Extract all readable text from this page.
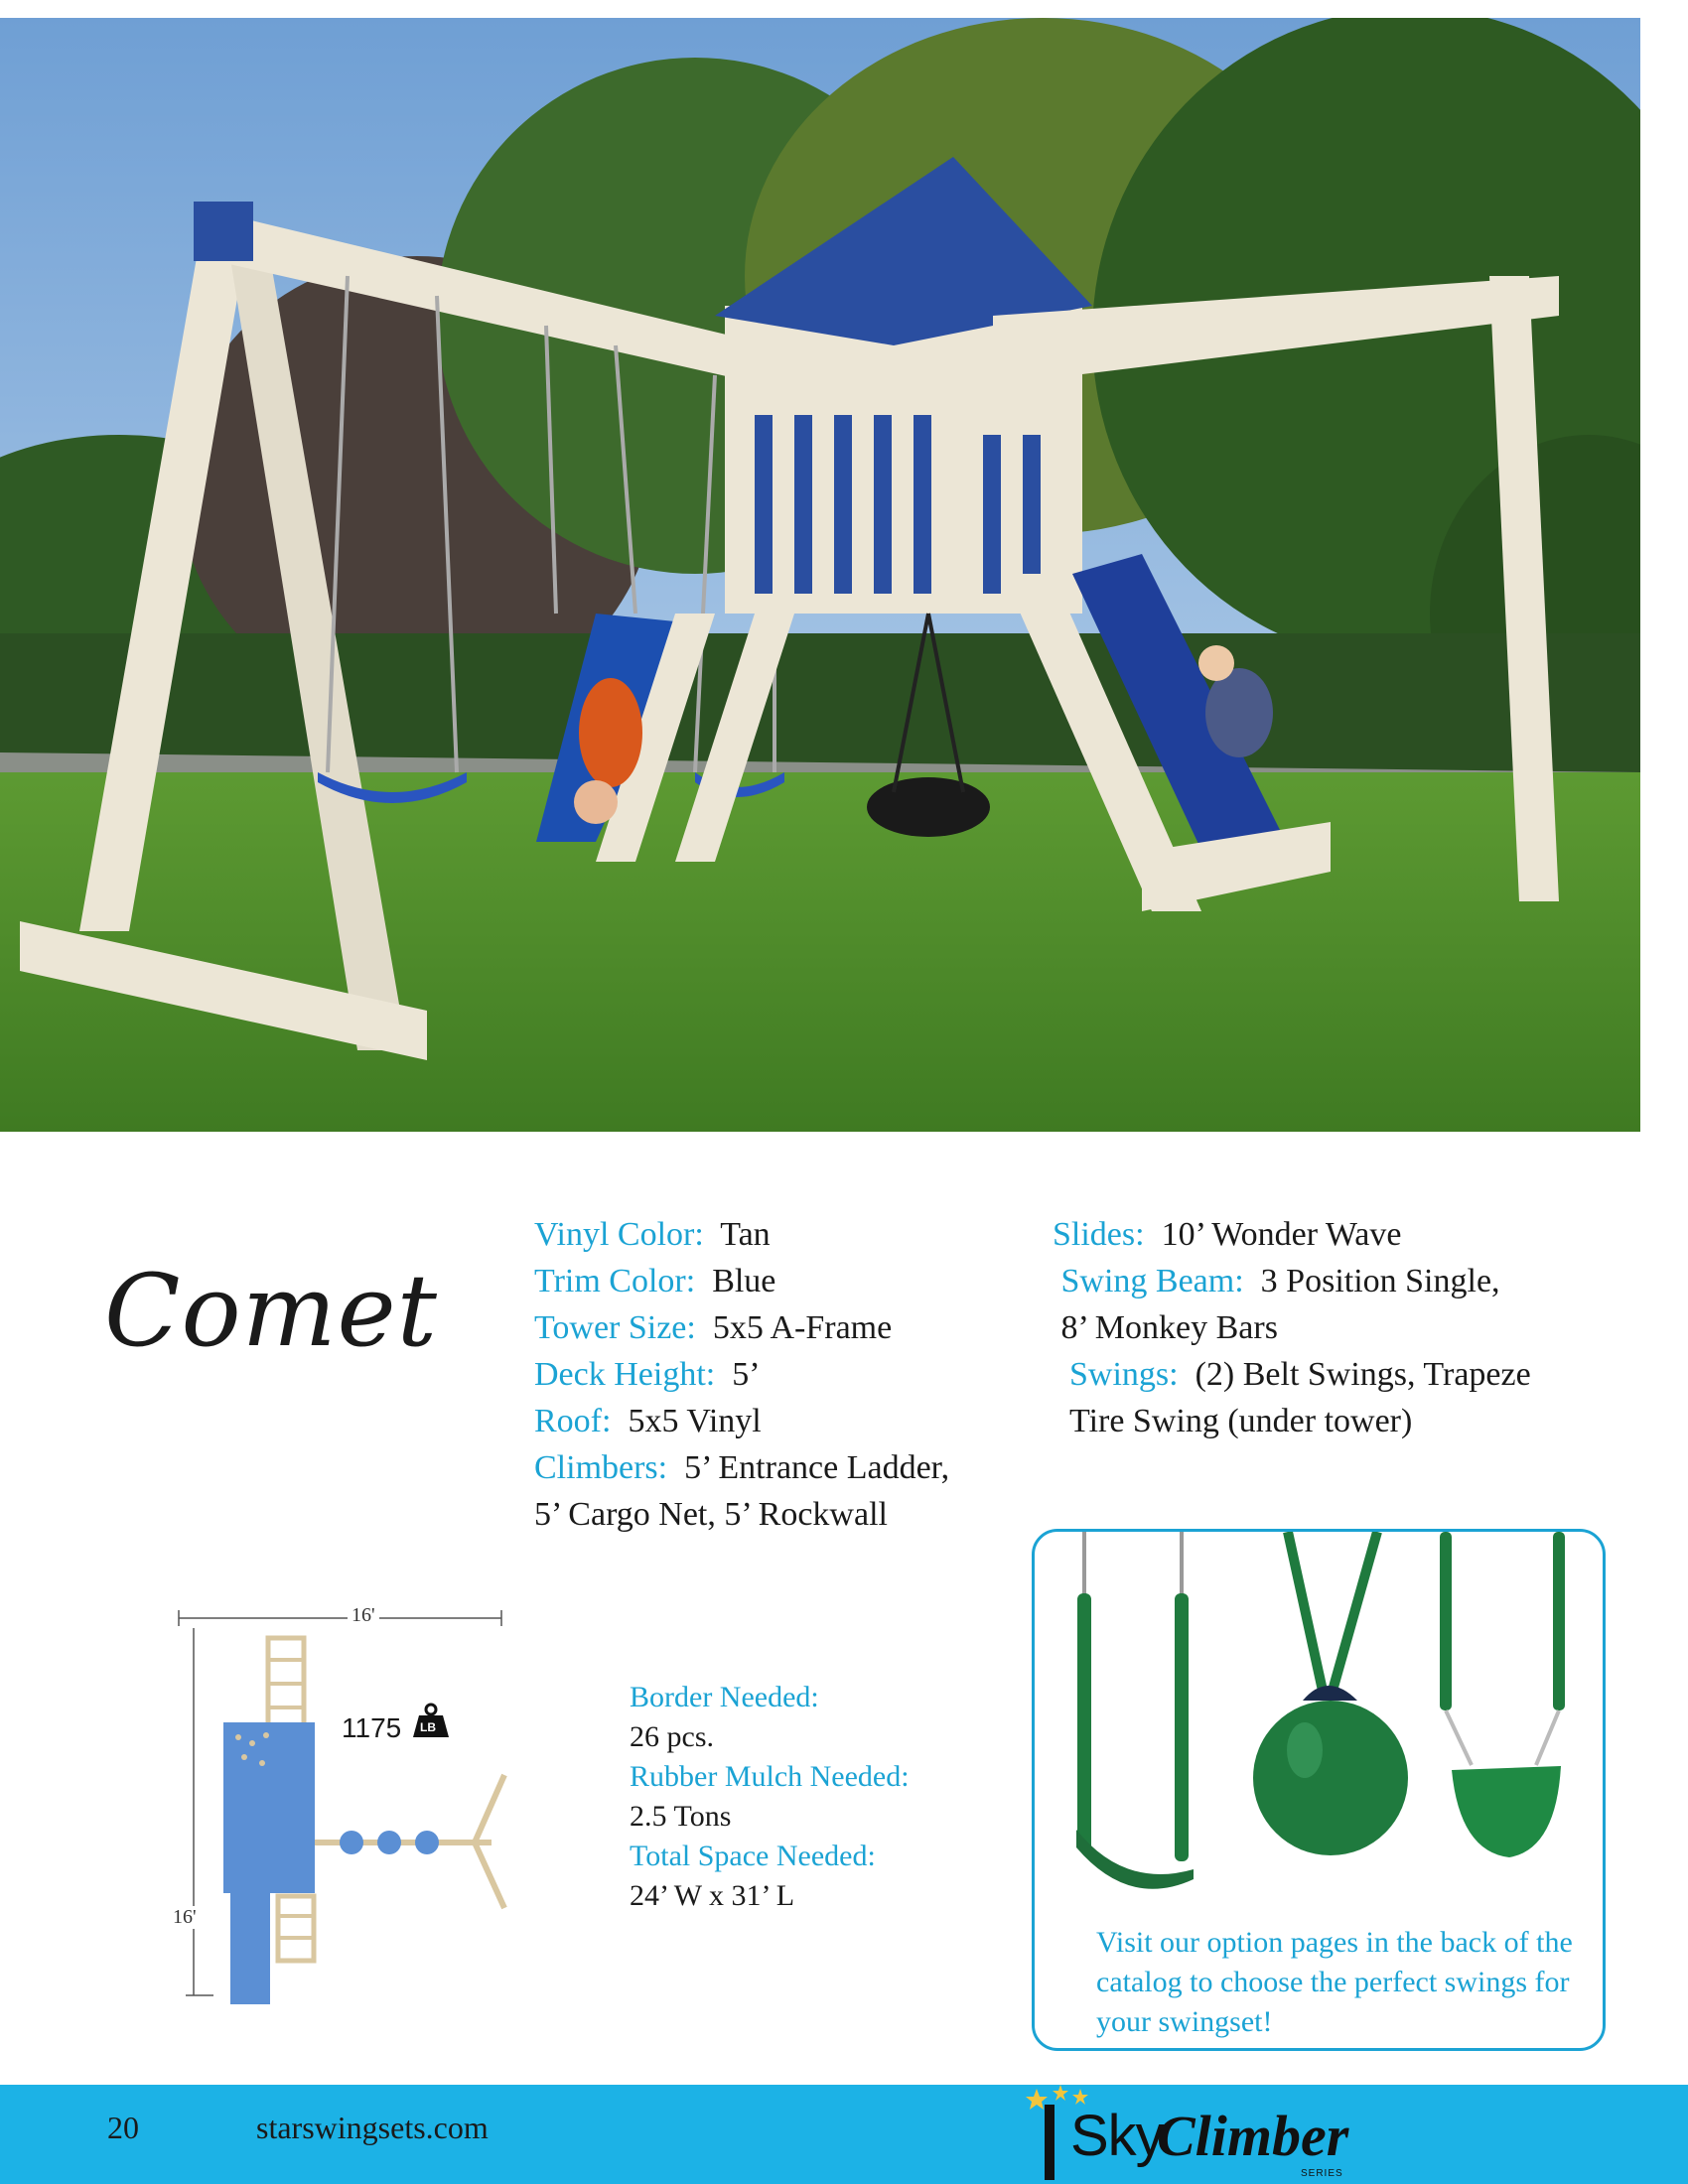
Comet
Vinyl Color: Tan
Trim Color: Blue
Tower Size: 5x5 A-Frame
Deck Height: 5’
Roof: 5x5 Vinyl
Climbers: 5’ Entrance Ladder,
5’ Cargo Net, 5’ Rockwall
Slides: 10’ Wonder Wave
Swing Beam: 3 Position Single,
8’ Monkey Bars
Swings: (2) Belt Swings, Trapeze
Tire Swing (under tower)
16'
16'
1175 LB
Border Needed:
26 pcs.
Rubber Mulch Needed:
2.5 Tons
Total Space Needed:
24’ W x 31’ L
Visit our option pages in the back of the catalog to choose the perfect swings for your swingset!
20	starswingsets.com	Sky
Climber
SERIES
